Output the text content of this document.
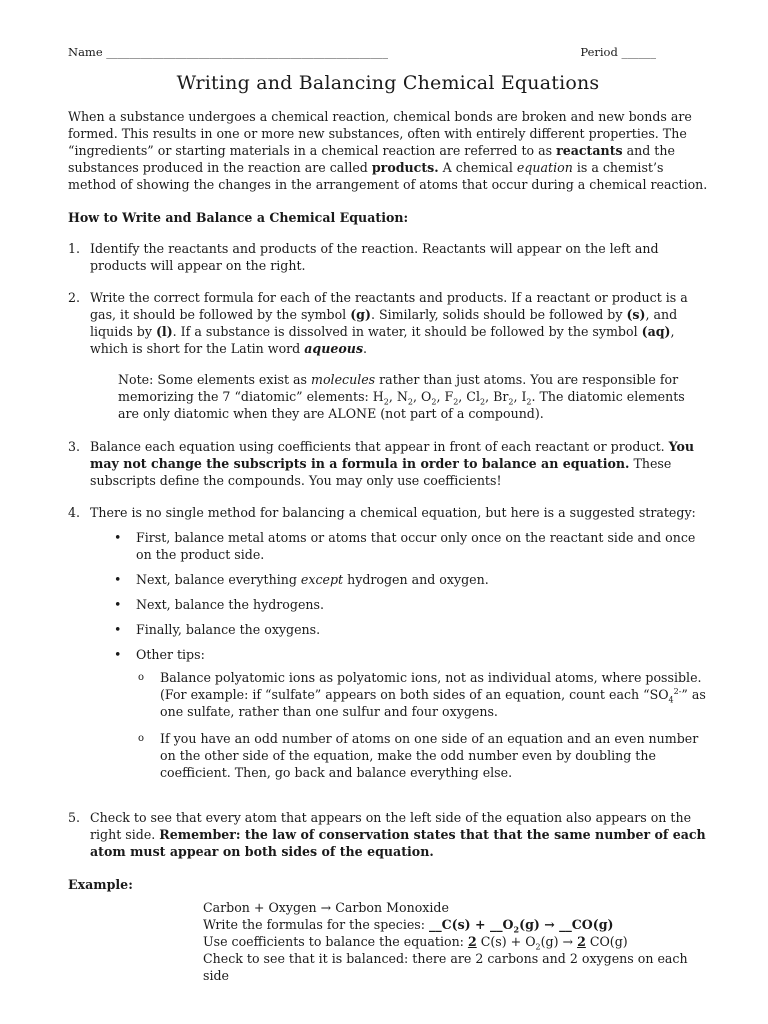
Name _________________________________________________	Period ______
Writing and Balancing Chemical Equations

When a substance undergoes a chemical reaction, chemical bonds are broken and new bonds are formed. This results in one or more new substances, often with entirely different properties. The “ingredients” or starting materials in a chemical reaction are referred to as reactants and the substances produced in the reaction are called products. A chemical equation is a chemist’s method of showing the changes in the arrangement of atoms that occur during a chemical reaction.

How to Write and Balance a Chemical Equation:

1. Identify the reactants and products of the reaction. Reactants will appear on the left and products will appear on the right.
2. Write the correct formula for each of the reactants and products. If a reactant or product is a gas, it should be followed by the symbol (g). Similarly, solids should be followed by (s), and liquids by (l). If a substance is dissolved in water, it should be followed by the symbol (aq), which is short for the Latin word aqueous.

Note: Some elements exist as molecules rather than just atoms. You are responsible for memorizing the 7 “diatomic” elements: $H_2$, $N_2$, $O_2$, $F_2$, $Cl_2$, $Br_2$, $I_2$. The diatomic elements are only diatomic when they are ALONE (not part of a compound).

3. Balance each equation using coefficients that appear in front of each reactant or product. You may not change the subscripts in a formula in order to balance an equation. These subscripts define the compounds. You may only use coefficients!
4. There is no single method for balancing a chemical equation, but here is a suggested strategy:
•	First, balance metal atoms or atoms that occur only once on the reactant side and once on the product side.
•	Next, balance everything except hydrogen and oxygen.
•	Next, balance the hydrogens.
•	Finally, balance the oxygens.
•	Other tips:
o	Balance polyatomic ions as polyatomic ions, not as individual atoms, where possible. (For example: if “sulfate” appears on both sides of an equation, count each “$SO_4^{2-}$” as one sulfate, rather than one sulfur and four oxygens.
o	If you have an odd number of atoms on one side of an equation and an even number on the other side of the equation, make the odd number even by doubling the coefficient. Then, go back and balance everything else.
5. Check to see that every atom that appears on the left side of the equation also appears on the right side. Remember: the law of conservation states that that the same number of each atom must appear on both sides of the equation.

Example:

Carbon + Oxygen → Carbon Monoxide

Write the formulas for the species: __C(s) + $\_\_O_2(g)$ → __CO(g)

Use coefficients to balance the equation: 2 $C(s) + O_2(g) \to 2$ CO(g)

Check to see that it is balanced: there are 2 carbons and 2 oxygens on each side
